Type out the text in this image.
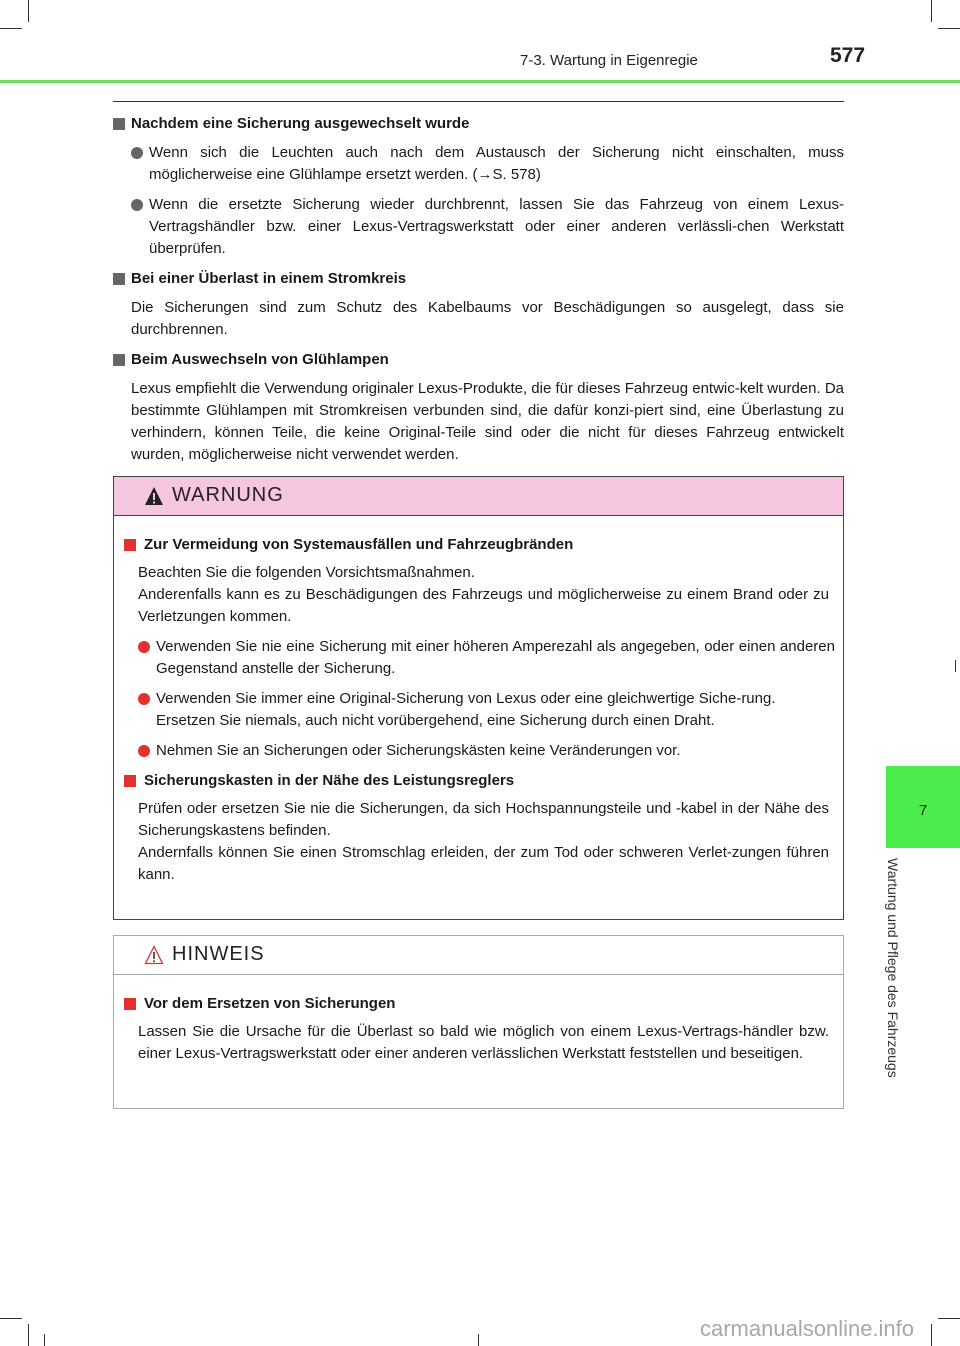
7-3. Wartung in Eigenregie	577
7
Wartung und Pflege des Fahrzeugs
Nachdem eine Sicherung ausgewechselt wurde
Wenn sich die Leuchten auch nach dem Austausch der Sicherung nicht einschalten, muss möglicherweise eine Glühlampe ersetzt werden. (→S. 578)
Wenn die ersetzte Sicherung wieder durchbrennt, lassen Sie das Fahrzeug von einem Lexus-Vertragshändler bzw. einer Lexus-Vertragswerkstatt oder einer anderen verlässli-chen Werkstatt überprüfen.
Bei einer Überlast in einem Stromkreis
Die Sicherungen sind zum Schutz des Kabelbaums vor Beschädigungen so ausgelegt, dass sie durchbrennen.
Beim Auswechseln von Glühlampen
Lexus empfiehlt die Verwendung originaler Lexus-Produkte, die für dieses Fahrzeug entwic-kelt wurden. Da bestimmte Glühlampen mit Stromkreisen verbunden sind, die dafür konzi-piert sind, eine Überlastung zu verhindern, können Teile, die keine Original-Teile sind oder die nicht für dieses Fahrzeug entwickelt wurden, möglicherweise nicht verwendet werden.
WARNUNG
Zur Vermeidung von Systemausfällen und Fahrzeugbränden
Beachten Sie die folgenden Vorsichtsmaßnahmen.
Anderenfalls kann es zu Beschädigungen des Fahrzeugs und möglicherweise zu einem Brand oder zu Verletzungen kommen.
Verwenden Sie nie eine Sicherung mit einer höheren Amperezahl als angegeben, oder einen anderen Gegenstand anstelle der Sicherung.
Verwenden Sie immer eine Original-Sicherung von Lexus oder eine gleichwertige Siche-rung.
Ersetzen Sie niemals, auch nicht vorübergehend, eine Sicherung durch einen Draht.
Nehmen Sie an Sicherungen oder Sicherungskästen keine Veränderungen vor.
Sicherungskasten in der Nähe des Leistungsreglers
Prüfen oder ersetzen Sie nie die Sicherungen, da sich Hochspannungsteile und -kabel in der Nähe des Sicherungskastens befinden.
Andernfalls können Sie einen Stromschlag erleiden, der zum Tod oder schweren Verlet-zungen führen kann.
HINWEIS
Vor dem Ersetzen von Sicherungen
Lassen Sie die Ursache für die Überlast so bald wie möglich von einem Lexus-Vertrags-händler bzw. einer Lexus-Vertragswerkstatt oder einer anderen verlässlichen Werkstatt feststellen und beseitigen.
carmanualsonline.info
